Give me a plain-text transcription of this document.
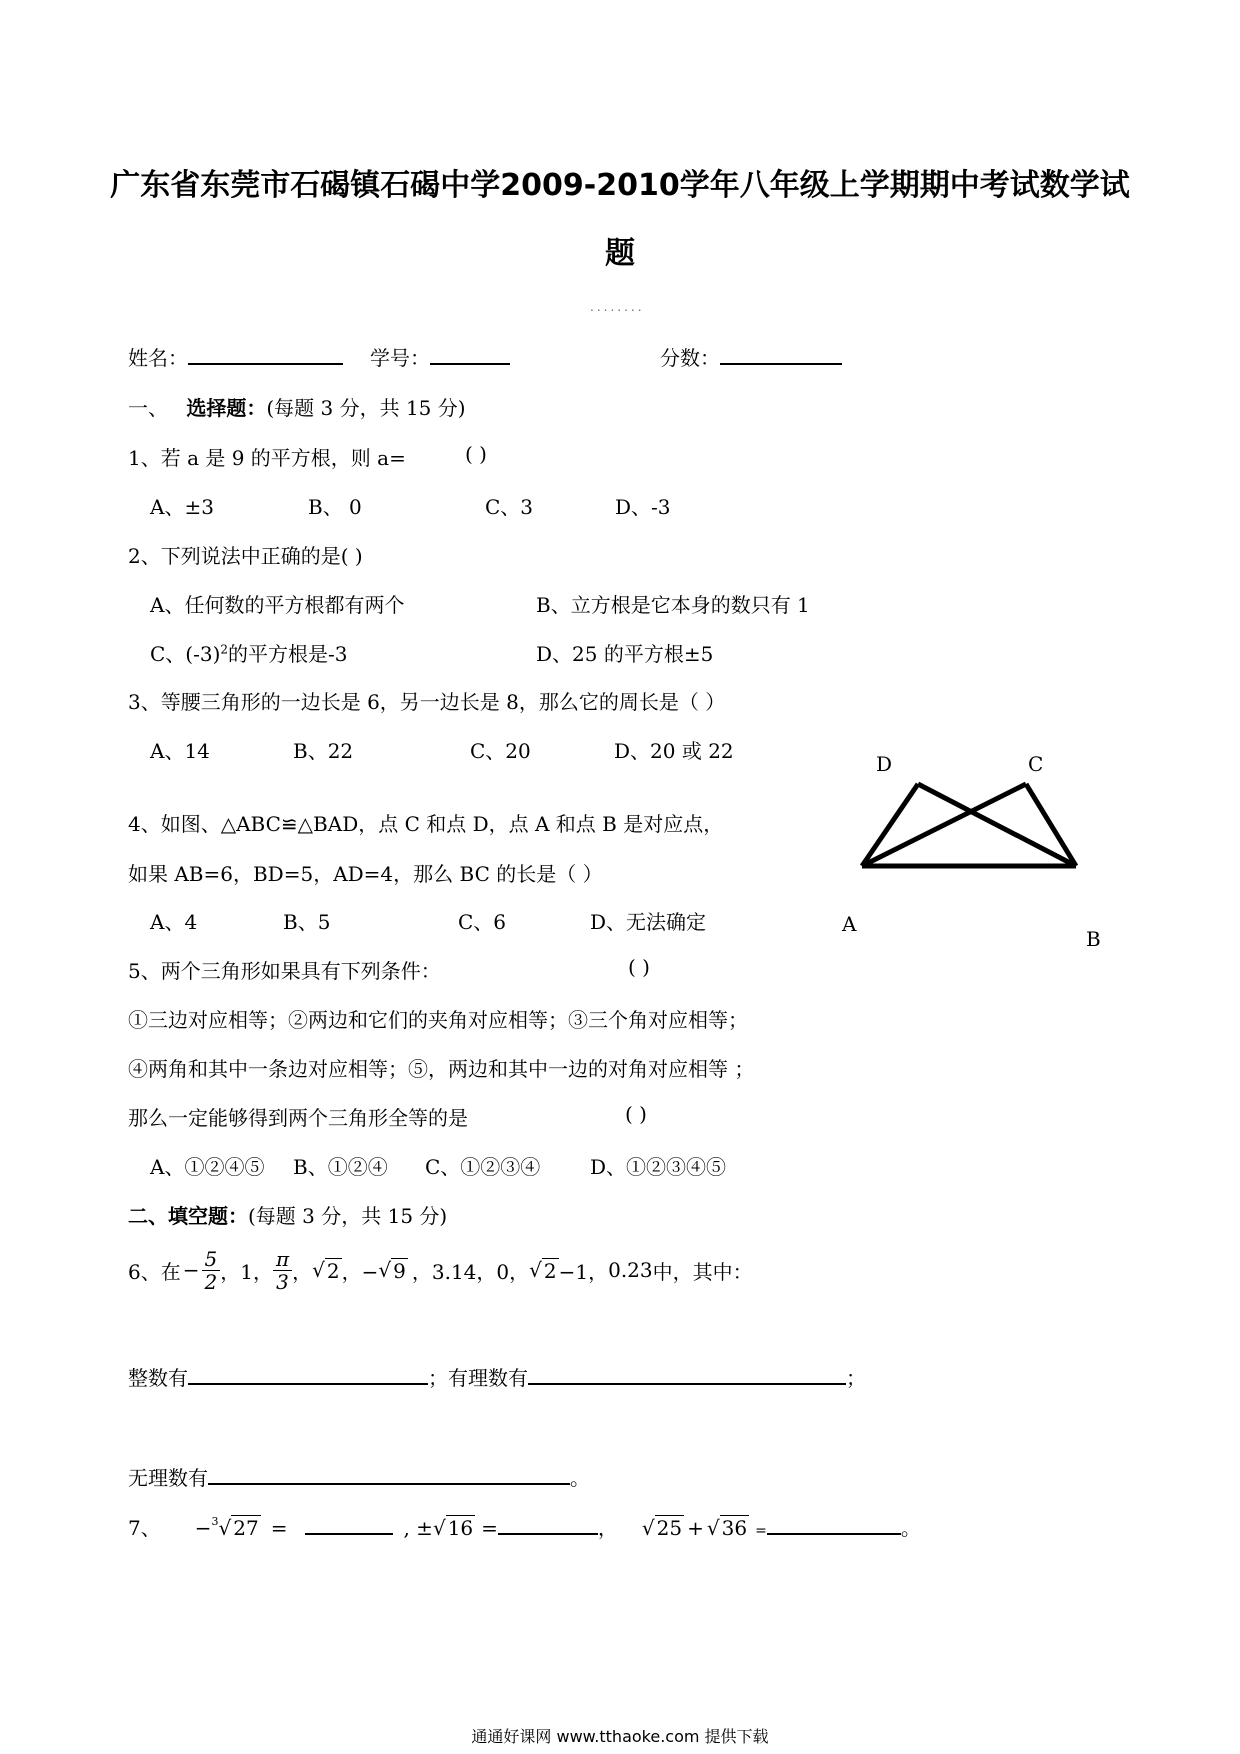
广东省东莞市石碣镇石碣中学2009-2010学年八年级上学期期中考试数学试
题
........
姓名：	学号：	分数：
一、 选择题：(每题 3 分，共 15 分)
1、若 a 是 9 的平方根，则 a=	( )
A、±3	B、 0	C、3	D、-3
2、下列说法中正确的是( )
A、任何数的平方根都有两个	B、立方根是它本身的数只有 1
C、$(-3)^2$的平方根是-3	D、25 的平方根±5
3、等腰三角形的一边长是 6，另一边长是 8，那么它的周长是（ ）
A、14	B、22	C、20	D、20 或 22
D	C
A
B
4、如图、△ABC≌△BAD，点 C 和点 D，点 A 和点 B 是对应点，
如果 AB=6，BD=5，AD=4，那么 BC 的长是（ ）
A、4	B、5	C、6	D、无法确定
5、两个三角形如果具有下列条件：	( )
①三边对应相等；②两边和它们的夹角对应相等；③三个角对应相等；
④两角和其中一条边对应相等；⑤，两边和其中一边的对角对应相等 ；
那么一定能够得到两个三角形全等的是	( )
A、①②④⑤ B、①②④ C、①②③④ D、①②③④⑤
二、填空题：(每题 3 分，共 15 分)
6、在 − $\frac{5}{2}$ ，1， $\frac{\pi}{3}$ ， √ 2 ，− √ 9 ，3.14，0， √ 2 −1， 0.23 中，其中：
整数有	；有理数有	；
无理数有	。
7、 − 3 √ 27 =	, ± √ 16 =	， √ 25 + √ 36 =	。
通通好课网 www.tthaoke.com 提供下载
